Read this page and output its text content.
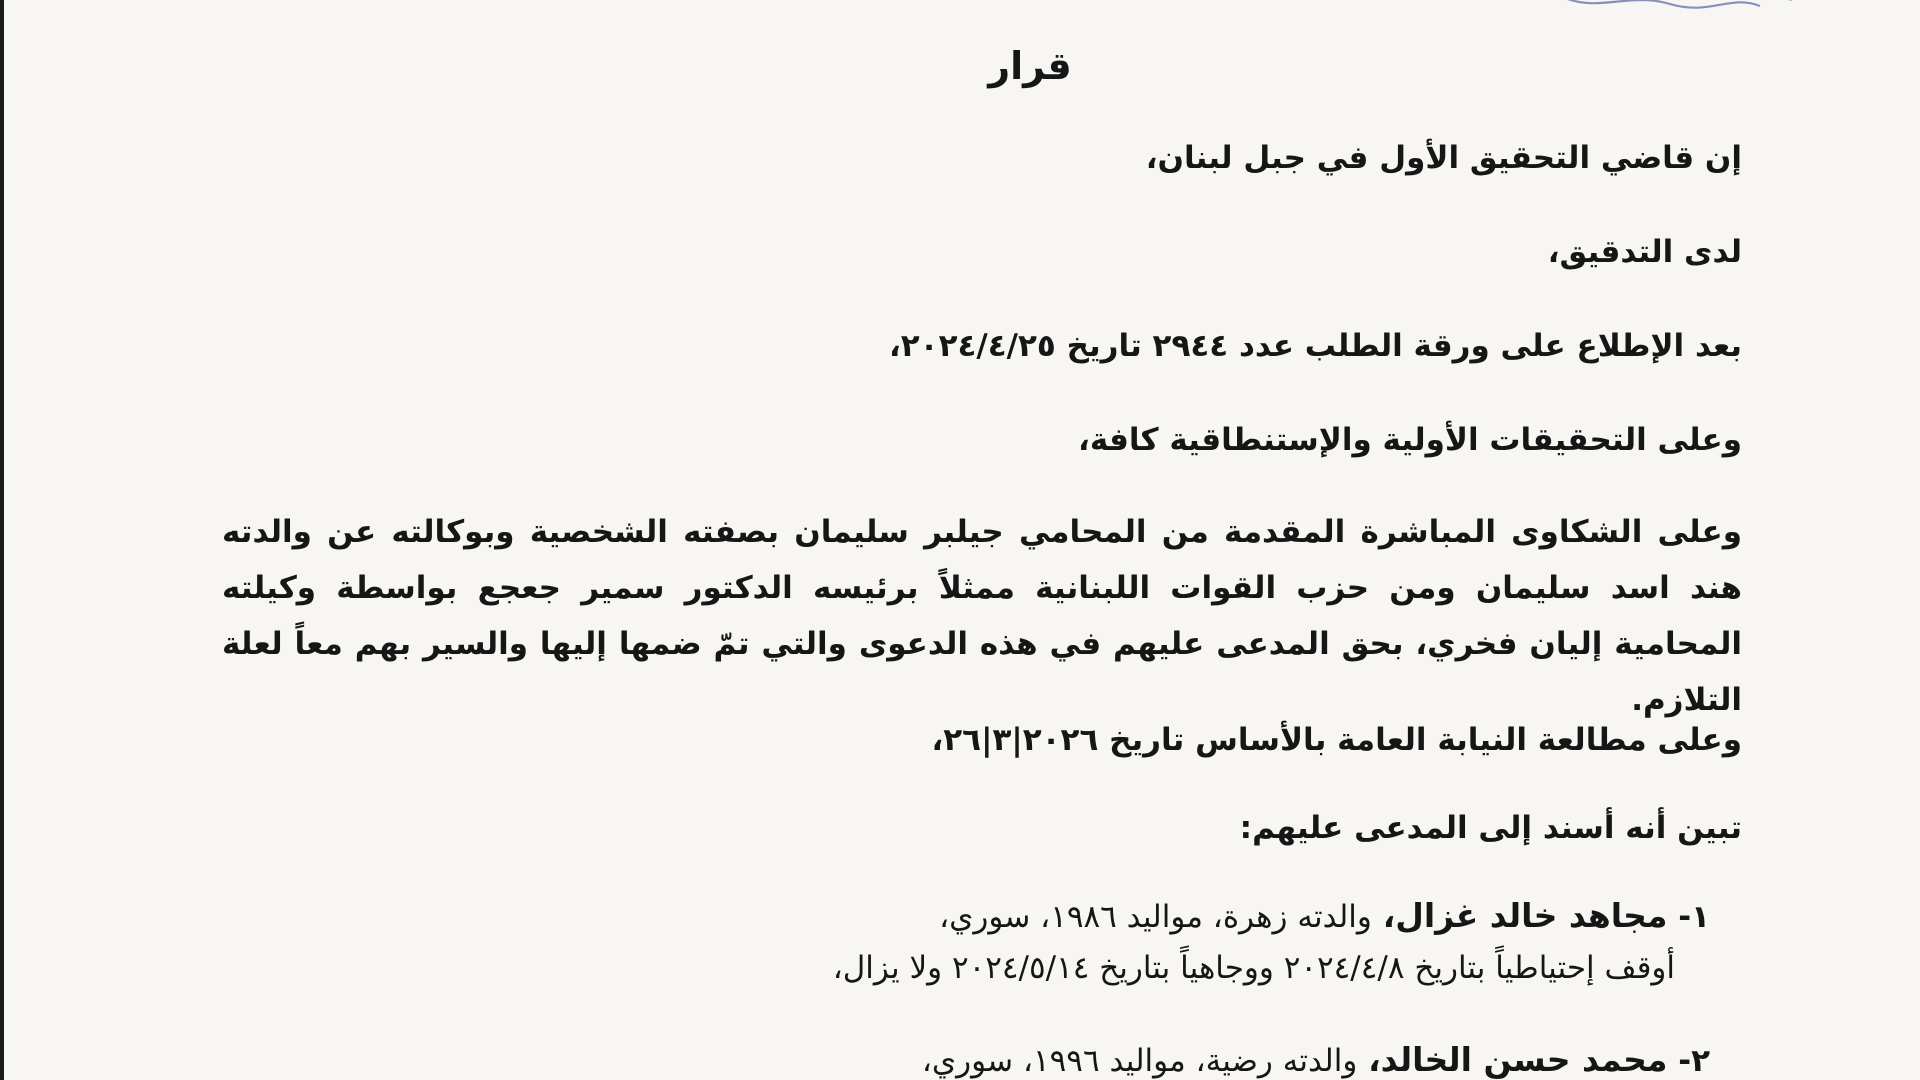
قرار
إن قاضي التحقيق الأول في جبل لبنان،
لدى التدقيق،
بعد الإطلاع على ورقة الطلب عدد ٢٩٤٤ تاريخ ٢٠٢٤/٤/٢٥،
وعلى التحقيقات الأولية والإستنطاقية كافة،
وعلى الشكاوى المباشرة المقدمة من المحامي جيلبر سليمان بصفته الشخصية وبوكالته عن والدته هند اسد سليمان ومن حزب القوات اللبنانية ممثلاً برئيسه الدكتور سمير جعجع بواسطة وكيلته المحامية إليان فخري، بحق المدعى عليهم في هذه الدعوى والتي تمّ ضمها إليها والسير بهم معاً لعلة التلازم.
وعلى مطالعة النيابة العامة بالأساس تاريخ ٢٠٢٦|٣|٢٦،
تبين أنه أسند إلى المدعى عليهم:
١- مجاهد خالد غزال، والدته زهرة، مواليد ١٩٨٦، سوري،
أوقف إحتياطياً بتاريخ ٢٠٢٤/٤/٨ ووجاهياً بتاريخ ٢٠٢٤/٥/١٤ ولا يزال،
٢- محمد حسن الخالد، والدته رضية، مواليد ١٩٩٦، سوري،
